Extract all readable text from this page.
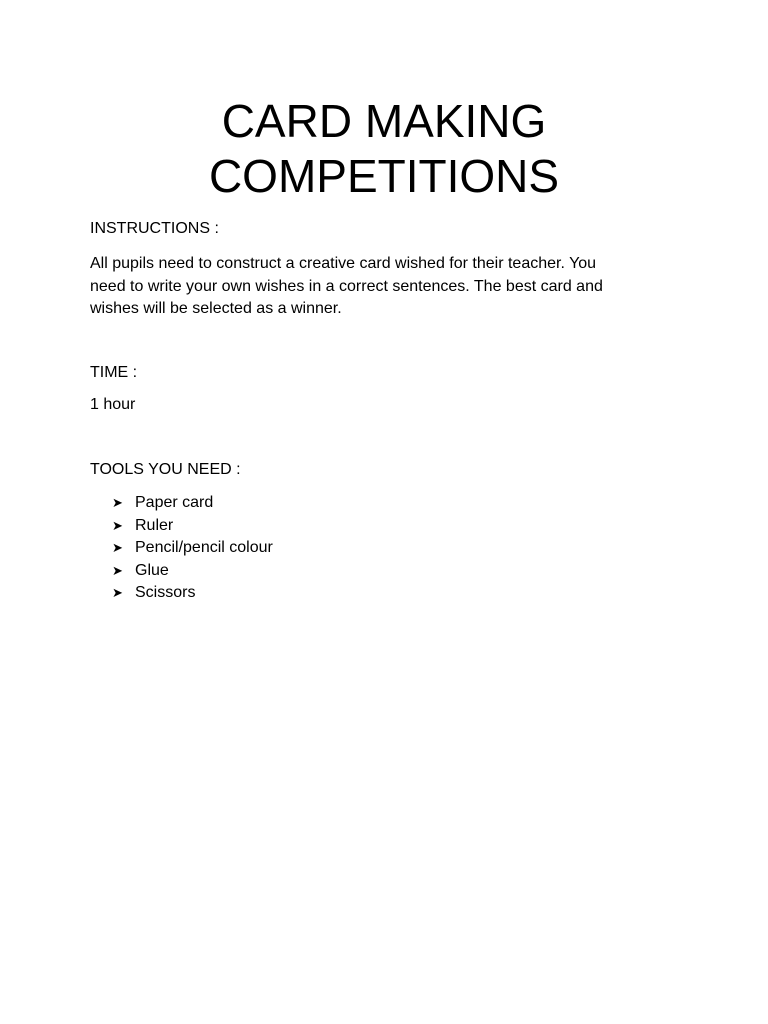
CARD MAKING
COMPETITIONS
INSTRUCTIONS :
All pupils need to construct a creative card wished for their teacher. You
need to write your own wishes in a correct sentences. The best card and
wishes will be selected as a winner.
TIME :
1 hour
TOOLS YOU NEED :
➤ Paper card
➤ Ruler
➤ Pencil/pencil colour
➤ Glue
➤ Scissors
